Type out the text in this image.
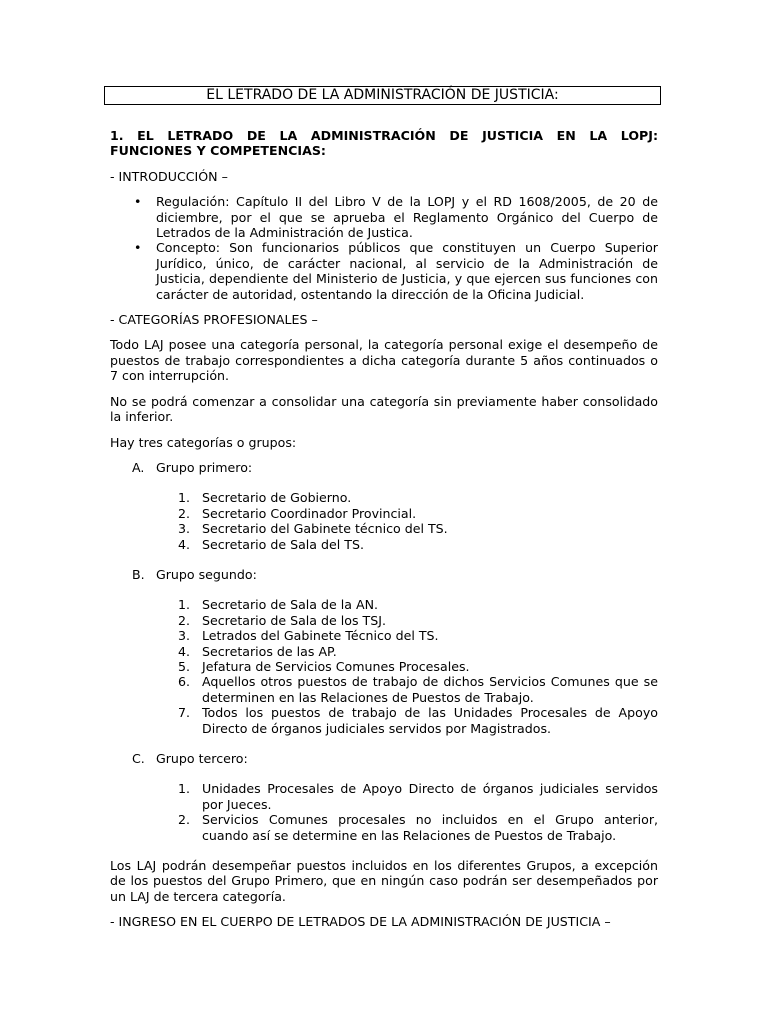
EL LETRADO DE LA ADMINISTRACIÓN DE JUSTICIA:
1. EL LETRADO DE LA ADMINISTRACIÓN DE JUSTICIA EN LA LOPJ:
FUNCIONES Y COMPETENCIAS:
- INTRODUCCIÓN –
• Regulación: Capítulo II del Libro V de la LOPJ y el RD 1608/2005, de 20 de diciembre, por el que se aprueba el Reglamento Orgánico del Cuerpo de Letrados de la Administración de Justica.
• Concepto: Son funcionarios públicos que constituyen un Cuerpo Superior Jurídico, único, de carácter nacional, al servicio de la Administración de Justicia, dependiente del Ministerio de Justicia, y que ejercen sus funciones con carácter de autoridad, ostentando la dirección de la Oficina Judicial.
- CATEGORÍAS PROFESIONALES –

Todo LAJ posee una categoría personal, la categoría personal exige el desempeño de puestos de trabajo correspondientes a dicha categoría durante 5 años continuados o 7 con interrupción.

No se podrá comenzar a consolidar una categoría sin previamente haber consolidado la inferior.

Hay tres categorías o grupos:

A. Grupo primero:
1. Secretario de Gobierno.
2. Secretario Coordinador Provincial.
3. Secretario del Gabinete técnico del TS.
4. Secretario de Sala del TS.
B. Grupo segundo:
1. Secretario de Sala de la AN.
2. Secretario de Sala de los TSJ.
3. Letrados del Gabinete Técnico del TS.
4. Secretarios de las AP.
5. Jefatura de Servicios Comunes Procesales.
6. Aquellos otros puestos de trabajo de dichos Servicios Comunes que se determinen en las Relaciones de Puestos de Trabajo.
7. Todos los puestos de trabajo de las Unidades Procesales de Apoyo Directo de órganos judiciales servidos por Magistrados.
C. Grupo tercero:
1. Unidades Procesales de Apoyo Directo de órganos judiciales servidos por Jueces.
2. Servicios Comunes procesales no incluidos en el Grupo anterior, cuando así se determine en las Relaciones de Puestos de Trabajo.

Los LAJ podrán desempeñar puestos incluidos en los diferentes Grupos, a excepción de los puestos del Grupo Primero, que en ningún caso podrán ser desempeñados por un LAJ de tercera categoría.

- INGRESO EN EL CUERPO DE LETRADOS DE LA ADMINISTRACIÓN DE JUSTICIA –
